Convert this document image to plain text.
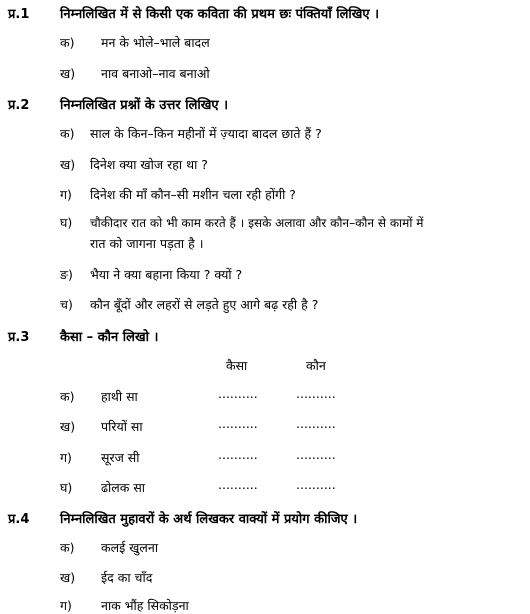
प्र.1 निम्नलिखित में से किसी एक कविता की प्रथम छः पंक्तियाँ लिखिए ।
क) मन के भोले–भाले बादल
ख) नाव बनाओ–नाव बनाओ
प्र.2 निम्नलिखित प्रश्नों के उत्तर लिखिए ।
क) साल के किन–किन महीनों में ज़्यादा बादल छाते हैं ?
ख) दिनेश क्या खोज रहा था ?
ग) दिनेश की माँ कौन–सी मशीन चला रही होंगी ?
घ) चौकीदार रात को भी काम करते हैं । इसके अलावा और कौन–कौन से कामों में
रात को जागना पड़ता है ।
ङ) भैया ने क्या बहाना किया ? क्यों ?
च) कौन बूँदों और लहरों से लड़ते हुए आगे बढ़ रही है ?
प्र.3 कैसा – कौन लिखो ।
कैसा	कौन
क) हाथी सा	..........	..........
ख) परियों सा	..........	..........
ग) सूरज सी	..........	..........
घ) ढोलक सा	..........	..........
प्र.4 निम्नलिखित मुहावरों के अर्थ लिखकर वाक्यों में प्रयोग कीजिए ।
क) कलई खुलना
ख) ईद का चाँद
ग) नाक भौंह सिकोड़ना
